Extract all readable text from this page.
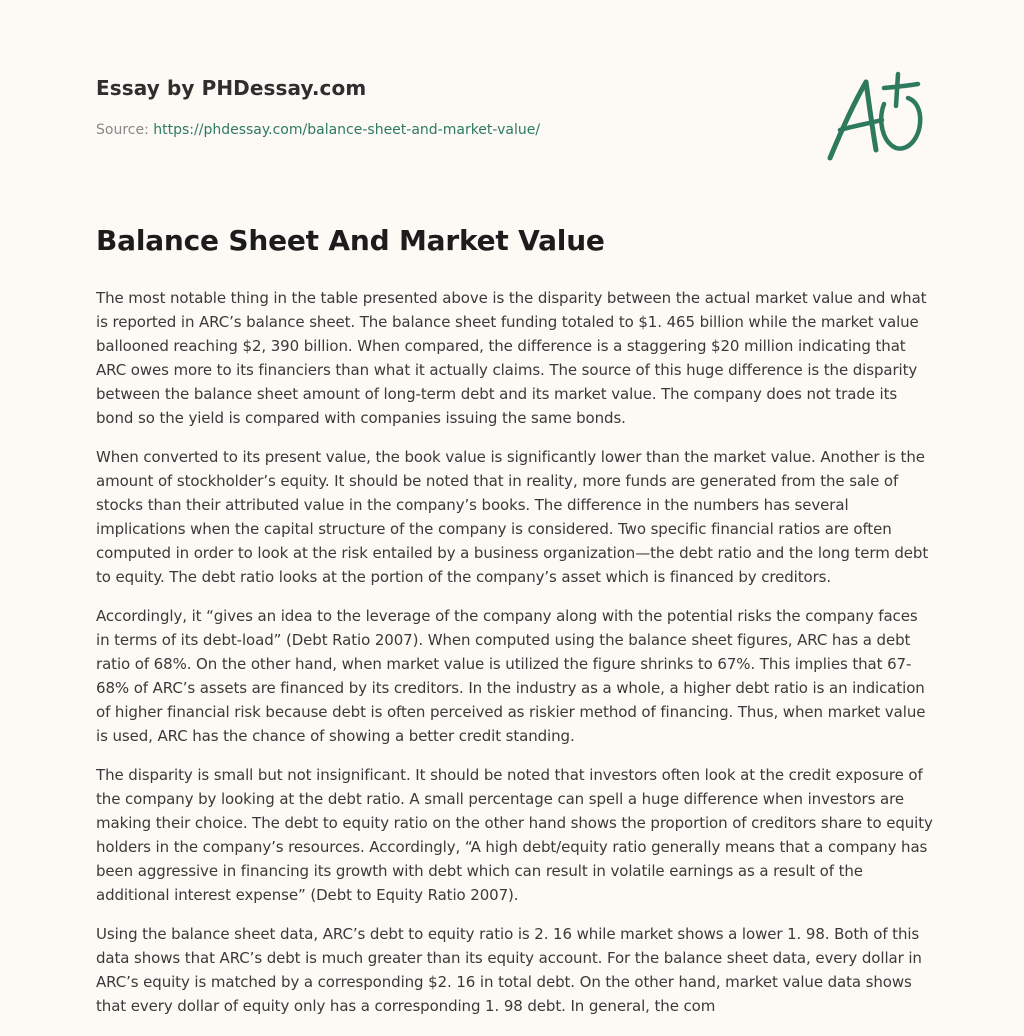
Essay by PHDessay.com
Source: https://phdessay.com/balance-sheet-and-market-value/
Balance Sheet And Market Value

The most notable thing in the table presented above is the disparity between the actual market value and what is reported in ARC’s balance sheet. The balance sheet funding totaled to $1. 465 billion while the market value ballooned reaching $2, 390 billion. When compared, the difference is a staggering $20 million indicating that ARC owes more to its financiers than what it actually claims. The source of this huge difference is the disparity between the balance sheet amount of long-term debt and its market value. The company does not trade its bond so the yield is compared with companies issuing the same bonds.

When converted to its present value, the book value is significantly lower than the market value. Another is the amount of stockholder’s equity. It should be noted that in reality, more funds are generated from the sale of stocks than their attributed value in the company’s books. The difference in the numbers has several implications when the capital structure of the company is considered. Two specific financial ratios are often computed in order to look at the risk entailed by a business organization—the debt ratio and the long term debt to equity. The debt ratio looks at the portion of the company’s asset which is financed by creditors.

Accordingly, it “gives an idea to the leverage of the company along with the potential risks the company faces in terms of its debt-load” (Debt Ratio 2007). When computed using the balance sheet figures, ARC has a debt ratio of 68%. On the other hand, when market value is utilized the figure shrinks to 67%. This implies that 67-68% of ARC’s assets are financed by its creditors. In the industry as a whole, a higher debt ratio is an indication of higher financial risk because debt is often perceived as riskier method of financing. Thus, when market value is used, ARC has the chance of showing a better credit standing.

The disparity is small but not insignificant. It should be noted that investors often look at the credit exposure of the company by looking at the debt ratio. A small percentage can spell a huge difference when investors are making their choice. The debt to equity ratio on the other hand shows the proportion of creditors share to equity holders in the company’s resources. Accordingly, “A high debt/equity ratio generally means that a company has been aggressive in financing its growth with debt which can result in volatile earnings as a result of the additional interest expense” (Debt to Equity Ratio 2007).

Using the balance sheet data, ARC’s debt to equity ratio is 2. 16 while market shows a lower 1. 98. Both of this data shows that ARC’s debt is much greater than its equity account. For the balance sheet data, every dollar in ARC’s equity is matched by a corresponding $2. 16 in total debt. On the other hand, market value data shows that every dollar of equity only has a corresponding 1. 98 debt. In general, the com
